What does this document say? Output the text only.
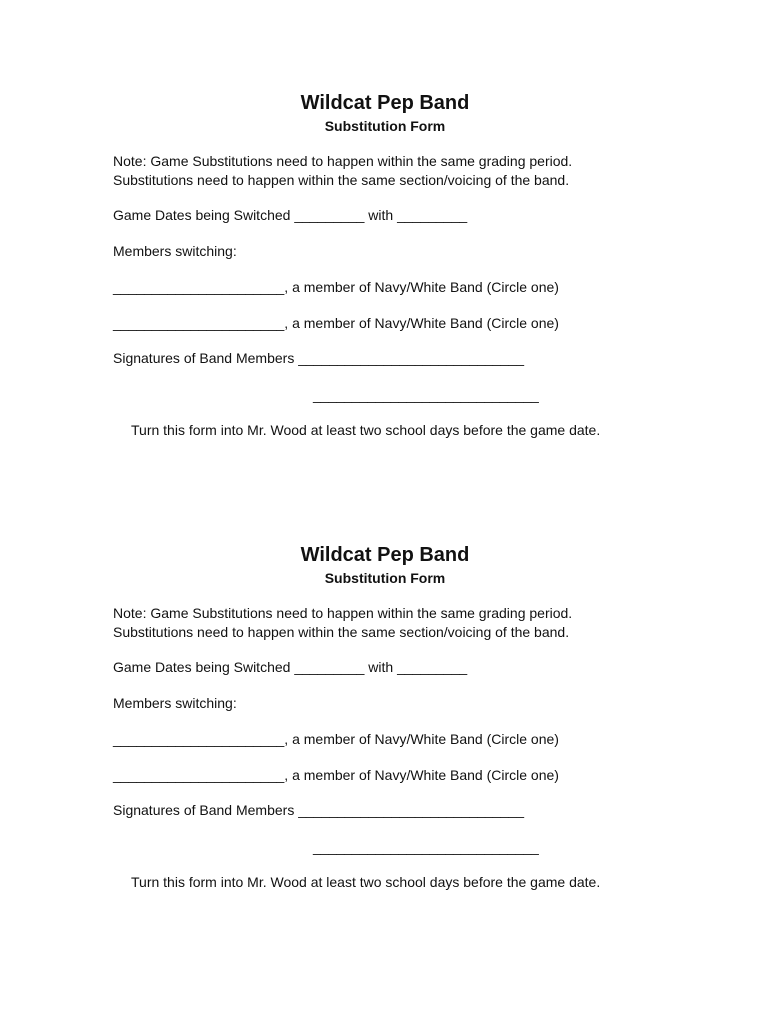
Wildcat Pep Band
Substitution Form
Note: Game Substitutions need to happen within the same grading period.
Substitutions need to happen within the same section/voicing of the band.
Game Dates being Switched _________ with _________
Members switching:
______________________, a member of Navy/White Band (Circle one)
______________________, a member of Navy/White Band (Circle one)
Signatures of Band Members _____________________________
_____________________________
Turn this form into Mr. Wood at least two school days before the game date.
Wildcat Pep Band
Substitution Form
Note: Game Substitutions need to happen within the same grading period.
Substitutions need to happen within the same section/voicing of the band.
Game Dates being Switched _________ with _________
Members switching:
______________________, a member of Navy/White Band (Circle one)
______________________, a member of Navy/White Band (Circle one)
Signatures of Band Members _____________________________
_____________________________
Turn this form into Mr. Wood at least two school days before the game date.
